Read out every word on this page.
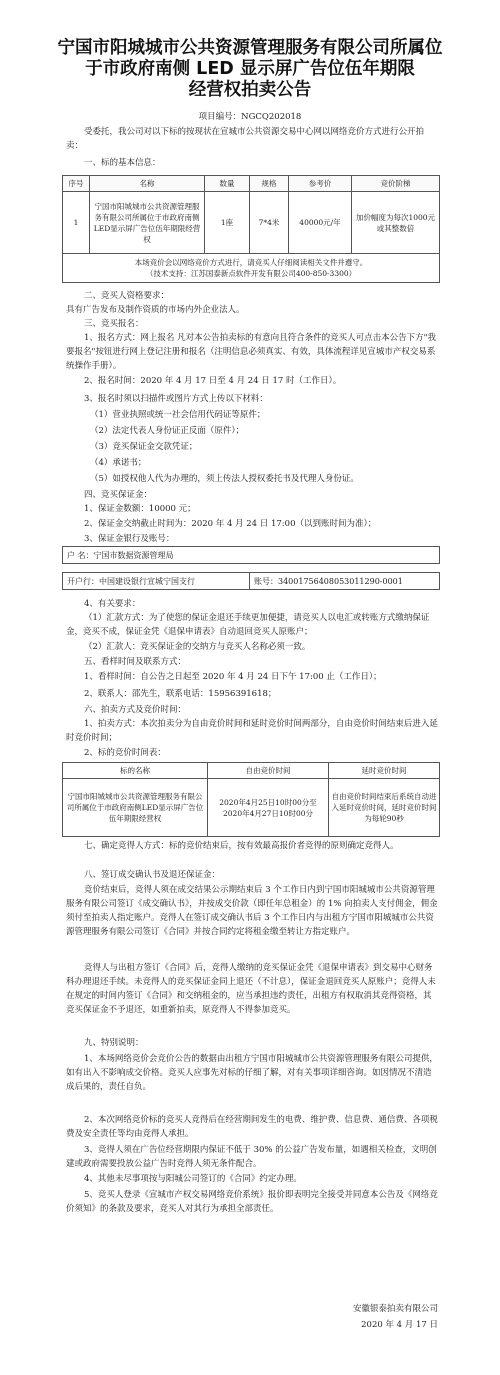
宁国市阳城城市公共资源管理服务有限公司所属位
于市政府南侧 LED 显示屏广告位伍年期限
经营权拍卖公告
项目编号：NGCQ202018

受委托，我公司对以下标的按现状在宣城市公共资源交易中心网以网络竞价方式进行公开拍卖：

一、标的基本信息：

序号	名称	数量	规格	参考价	竞价阶梯
1	宁国市阳城城市公共资源管理服务有限公司所属位于市政府南侧LED显示屏广告位伍年期限经营权	1座	7*4米	40000元/年	加价幅度为每次1000元或其整数倍

本场竞价会以网络竞价方式进行，请竞买人仔细阅读相关文件并遵守。
（技术支持：江苏国泰新点软件开发有限公司400-850-3300）					

二、竞买人资格要求：

具有广告发布及制作资质的市场内外企业法人。

三、竞买报名：

1、报名方式：网上报名 凡对本公告拍卖标的有意向且符合条件的竞买人可点击本公告下方"我要报名"按钮进行网上登记注册和报名（注明信息必须真实、有效，具体流程详见宣城市产权交易系统操作手册）。

2、报名时间：2020 年 4 月 17 日至 4 月 24 日 17 时（工作日）。

3、报名时须以扫描件或图片方式上传以下材料：

（1）营业执照或统一社会信用代码证等原件；

（2）法定代表人身份证正反面（原件）；

（3）竞买保证金交款凭证；

（4）承诺书；

（5）如授权他人代为办理的，须上传法人授权委托书及代理人身份证。

四、竞买保证金：

1、保证金数额：10000 元；

2、保证金交纳截止时间为：2020 年 4 月 24 日 17:00（以到账时间为准）；

3、保证金银行及账号：

户 名：宁国市数据资源管理局

开户行：中国建设银行宣城宁国支行	账号：34001756408053011290-0001

4、有关要求：

（1）汇款方式：为了使您的保证金退还手续更加便捷，请竞买人以电汇或转账方式缴纳保证金，竞买不成，保证金凭《退保申请表》自动退回竞买人原账户；

（2）汇款人：竞买保证金的交纳方与竞买人名称必须一致。

五、看样时间及联系方式：

1、看样时间：自公告之日起至 2020 年 4 月 24 日下午 17:00 止（工作日）；

2、联系人：邵先生，联系电话：15956391618；

六、拍卖方式及竞价时间：

1、拍卖方式：本次拍卖分为自由竞价时间和延时竞价时间两部分，自由竞价时间结束后进入延时竞价时间；

2、标的竞价时间表：

标的名称	自由竞价时间	延时竞价时间
宁国市阳城城市公共资源管理服务有限公司所属位于市政府南侧LED显示屏广告位伍年期限经营权	2020年4月25日10时00分至2020年4月27日10时00分	自由竞价时间结束后系统自动进入延时竞价时间，延时竞价时间为每轮90秒

七、确定竞得人方式：标的竞价结束后，按有效最高报价者竞得的原则确定竞得人。

八、签订成交确认书及退还保证金：

竞价结束后，竞得人须在成交结果公示期结束后 3 个工作日内到宁国市阳城城市公共资源管理服务有限公司签订《成交确认书》，并按成交价款（即任年总租金）的 1% 向拍卖人支付佣金，佣金须付至拍卖人指定账户。竞得人在签订成交确认书后 3 个工作日内与出租方宁国市阳城城市公共资源管理服务有限公司签订《合同》并按合同约定将租金缴至转让方指定账户。

竞得人与出租方签订《合同》后，竞得人缴纳的竞买保证金凭《退保申请表》到交易中心财务科办理退还手续。未竞得人的竞买保证金同上退还（不计息），保证金退回竞买人原账户；竞得人未在规定的时间内签订《合同》和交纳租金的，应当承担违约责任，出租方有权取消其竞得资格，其竞买保证金不予退还，如重新拍卖，原竞得人不得参加竞买。

九、特别说明：

1、本场网络竞价会竞价公告的数据由出租方宁国市阳城城市公共资源管理服务有限公司提供，如有出入不影响成交价格。竞买人应事先对标的仔细了解，对有关事项详细咨询。如因情况不清造成后果的，责任自负。

2、本次网络竞价标的竞买人竞得后在经营期间发生的电费、维护费、信息费、通信费、各项税费及安全责任等均由竞得人承担。

3、竞得人须在广告位经营期限内保证不低于 30% 的公益广告发布量，如遇相关检查，文明创建或政府需要投放公益广告时竞得人须无条件配合。

4、其他未尽事项按与阳城公司签订的《合同》约定办理。

5、竞买人登录《宣城市产权交易网络竞价系统》报价即表明完全接受并同意本公告及《网络竞价须知》的条款及要求，竞买人对其行为承担全部责任。

安徽银泰拍卖有限公司
2020 年 4 月 17 日
